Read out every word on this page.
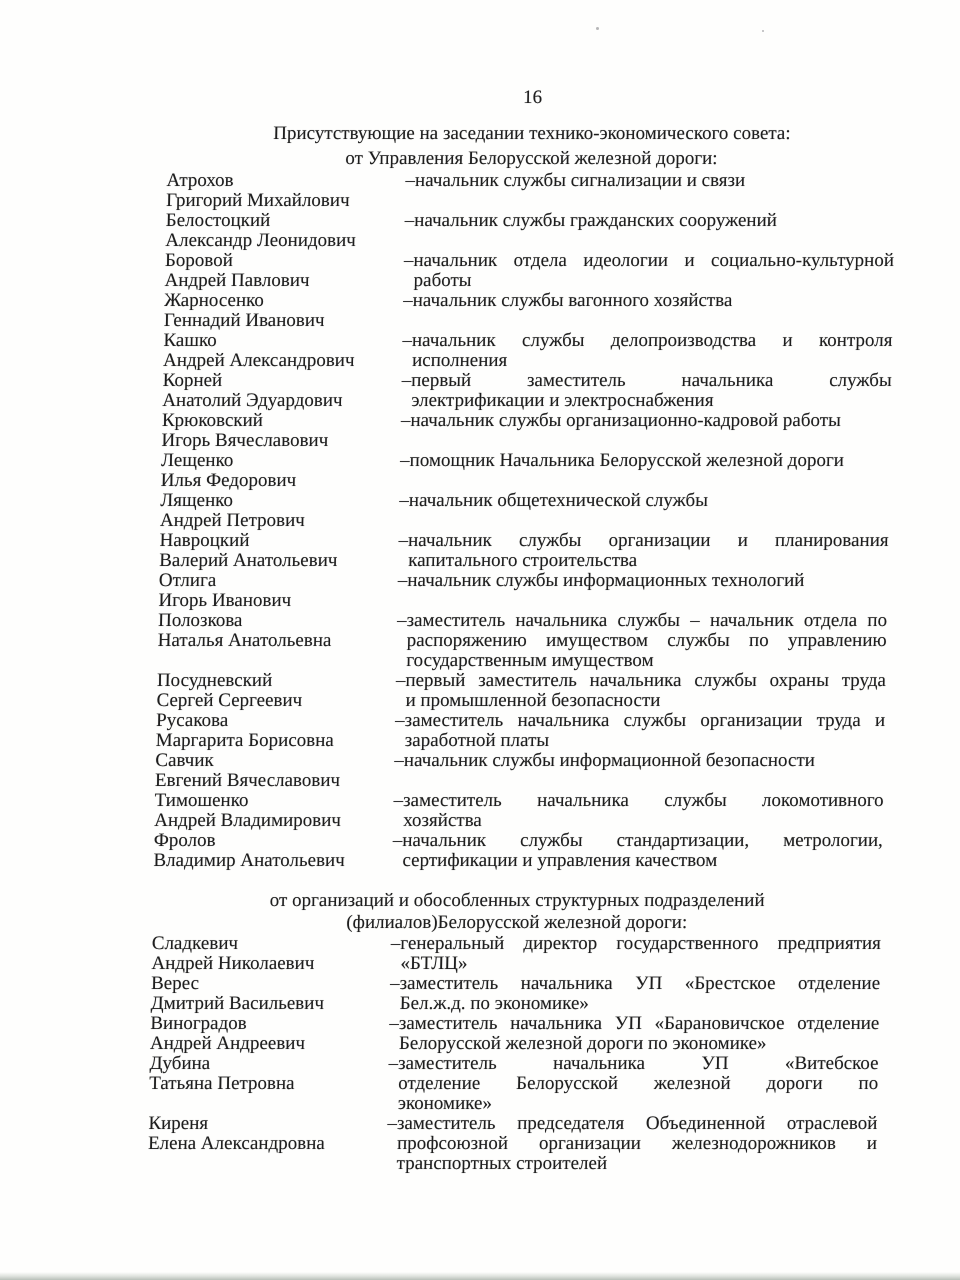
16
Присутствующие на заседании технико-экономического совета:
от Управления Белорусской железной дороги:
Атрохов
Григорий Михайлович
–начальник службы сигнализации и связи
Белостоцкий
Александр Леонидович
–начальник службы гражданских сооружений
Боровой
Андрей Павлович
–начальник отдела идеологии и социально-культурной
работы
Жарносенко
Геннадий Иванович
–начальник службы вагонного хозяйства
Кашко
Андрей Александрович
–начальник службы делопроизводства и контроля
исполнения
Корней
Анатолий Эдуардович
–первый заместитель начальника службы
электрификации и электроснабжения
Крюковский
Игорь Вячеславович
–начальник службы организационно-кадровой работы
Лещенко
Илья Федорович
–помощник Начальника Белорусской железной дороги
Лященко
Андрей Петрович
–начальник общетехнической службы
Навроцкий
Валерий Анатольевич
–начальник службы организации и планирования
капитального строительства
Отлига
Игорь Иванович
–начальник службы информационных технологий
Полозкова
Наталья Анатольевна
–заместитель начальника службы – начальник отдела по
распоряжению имуществом службы по управлению
государственным имуществом
Посудневский
Сергей Сергеевич
–первый заместитель начальника службы охраны труда
и промышленной безопасности
Русакова
Маргарита Борисовна
–заместитель начальника службы организации труда и
заработной платы
Савчик
Евгений Вячеславович
–начальник службы информационной безопасности
Тимошенко
Андрей Владимирович
–заместитель начальника службы локомотивного
хозяйства
Фролов
Владимир Анатольевич
–начальник службы стандартизации, метрологии,
сертификации и управления качеством
от организаций и обособленных структурных подразделений
(филиалов)Белорусской железной дороги:
Сладкевич
Андрей Николаевич
–генеральный директор государственного предприятия
«БТЛЦ»
Верес
Дмитрий Васильевич
–заместитель начальника УП «Брестское отделение
Бел.ж.д. по экономике»
Виноградов
Андрей Андреевич
–заместитель начальника УП «Барановичское отделение
Белорусской железной дороги по экономике»
Дубина
Татьяна Петровна
–заместитель начальника УП «Витебское
отделение Белорусской железной дороги по
экономике»
Киреня
Елена Александровна
–заместитель председателя Объединенной отраслевой
профсоюзной организации железнодорожников и
транспортных строителей
